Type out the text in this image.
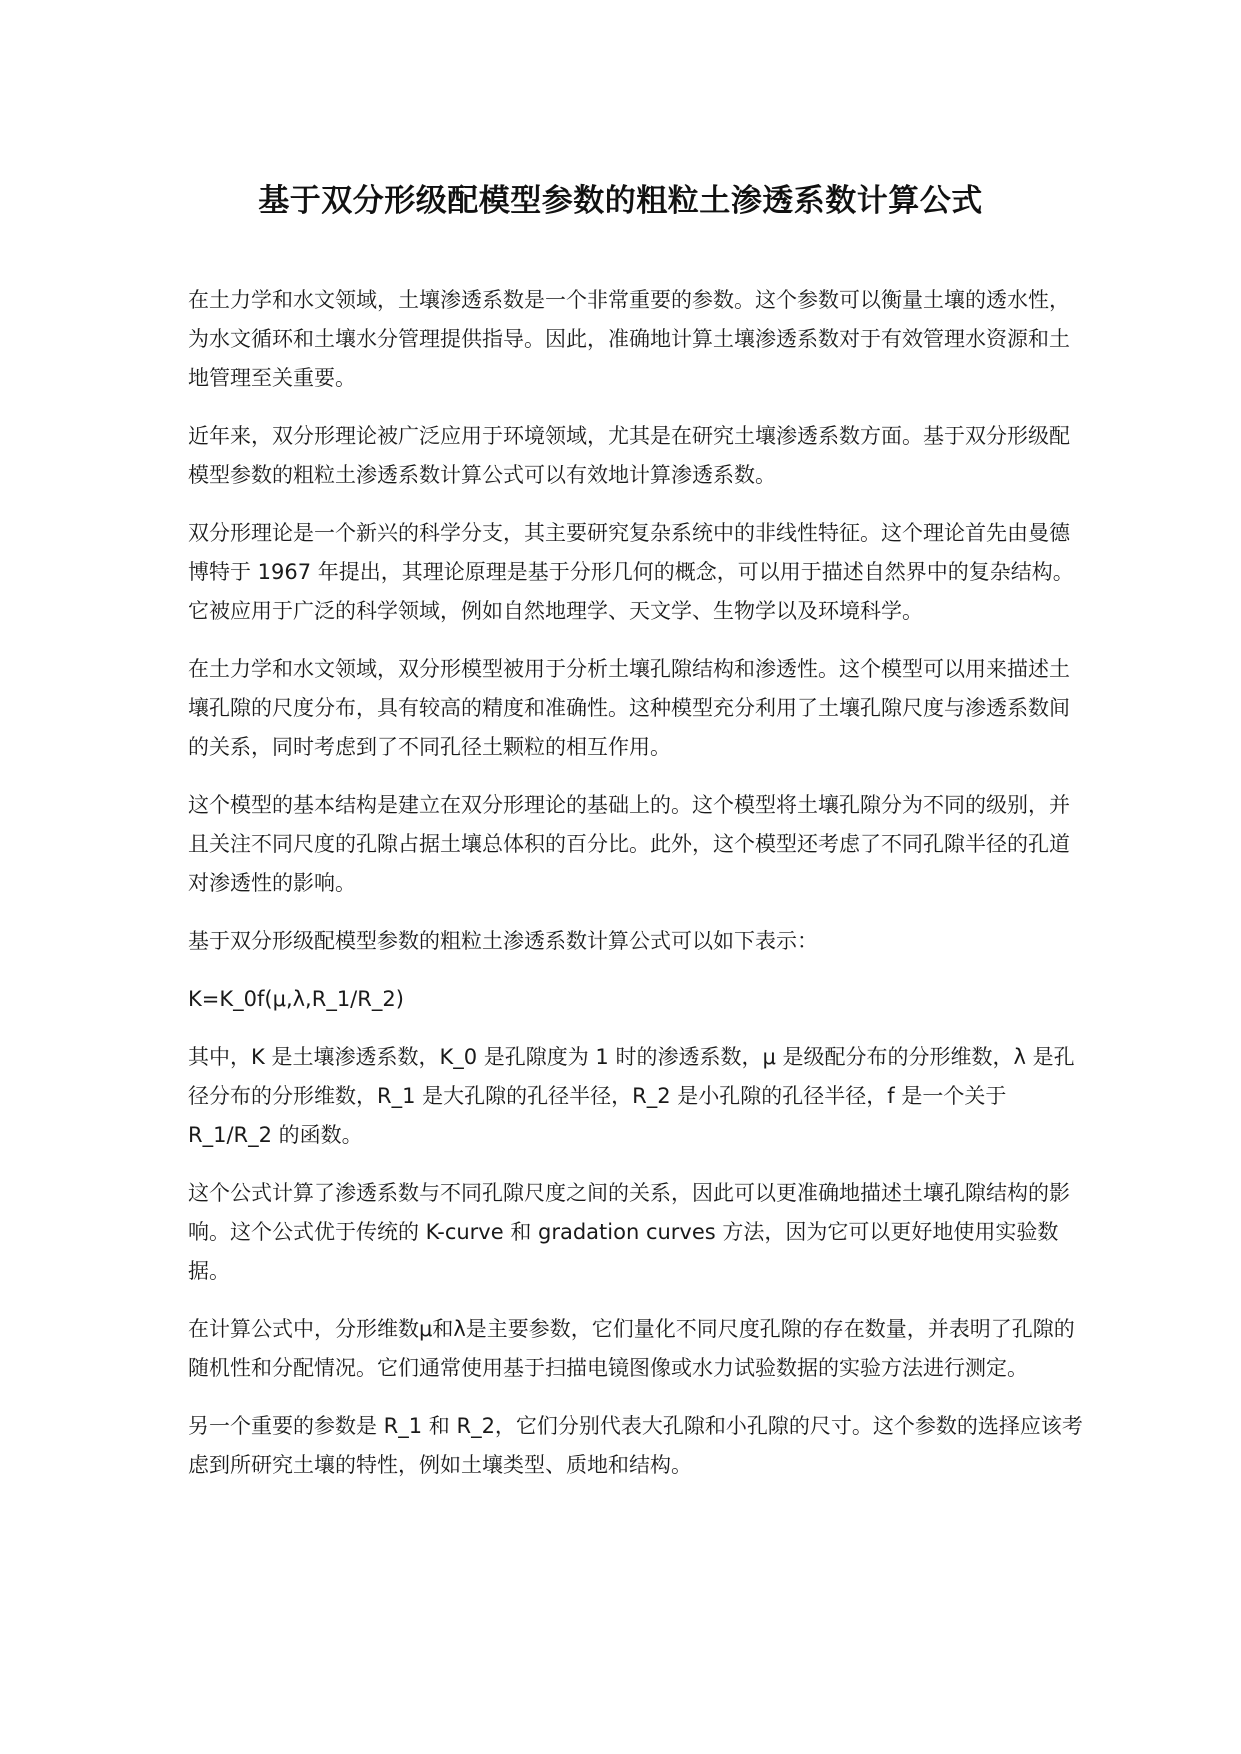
基于双分形级配模型参数的粗粒土渗透系数计算公式

在土力学和水文领域，土壤渗透系数是一个非常重要的参数。这个参数可以衡量土壤的透水性，为水文循环和土壤水分管理提供指导。因此，准确地计算土壤渗透系数对于有效管理水资源和土地管理至关重要。

近年来，双分形理论被广泛应用于环境领域，尤其是在研究土壤渗透系数方面。基于双分形级配模型参数的粗粒土渗透系数计算公式可以有效地计算渗透系数。

双分形理论是一个新兴的科学分支，其主要研究复杂系统中的非线性特征。这个理论首先由曼德博特于 1967 年提出，其理论原理是基于分形几何的概念，可以用于描述自然界中的复杂结构。它被应用于广泛的科学领域，例如自然地理学、天文学、生物学以及环境科学。

在土力学和水文领域，双分形模型被用于分析土壤孔隙结构和渗透性。这个模型可以用来描述土壤孔隙的尺度分布，具有较高的精度和准确性。这种模型充分利用了土壤孔隙尺度与渗透系数间的关系，同时考虑到了不同孔径土颗粒的相互作用。

这个模型的基本结构是建立在双分形理论的基础上的。这个模型将土壤孔隙分为不同的级别，并且关注不同尺度的孔隙占据土壤总体积的百分比。此外，这个模型还考虑了不同孔隙半径的孔道对渗透性的影响。

基于双分形级配模型参数的粗粒土渗透系数计算公式可以如下表示：

K=K_0f(μ,λ,R_1/R_2)

其中，K 是土壤渗透系数，K_0 是孔隙度为 1 时的渗透系数，μ 是级配分布的分形维数，λ 是孔径分布的分形维数，R_1 是大孔隙的孔径半径，R_2 是小孔隙的孔径半径，f 是一个关于 R_1/R_2 的函数。

这个公式计算了渗透系数与不同孔隙尺度之间的关系，因此可以更准确地描述土壤孔隙结构的影响。这个公式优于传统的 K-curve 和 gradation curves 方法，因为它可以更好地使用实验数据。

在计算公式中，分形维数μ和λ是主要参数，它们量化不同尺度孔隙的存在数量，并表明了孔隙的随机性和分配情况。它们通常使用基于扫描电镜图像或水力试验数据的实验方法进行测定。

另一个重要的参数是 R_1 和 R_2，它们分别代表大孔隙和小孔隙的尺寸。这个参数的选择应该考虑到所研究土壤的特性，例如土壤类型、质地和结构。
